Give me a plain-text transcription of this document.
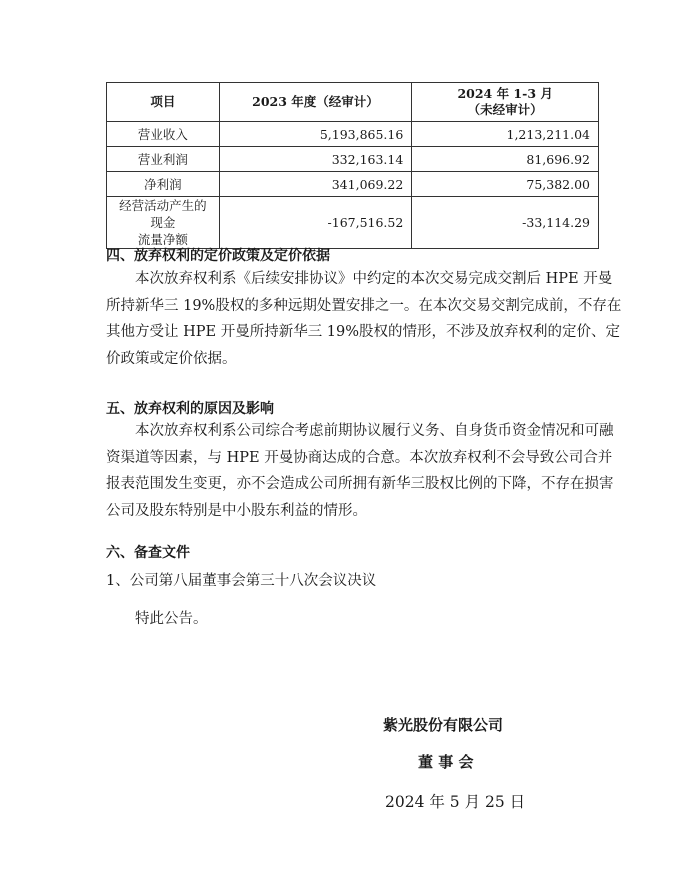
项目	2023 年度（经审计）	2024 年 1-3 月
（未经审计）
营业收入	5,193,865.16	1,213,211.04
营业利润	332,163.14	81,696.92
净利润	341,069.22	75,382.00
经营活动产生的现金
流量净额	-167,516.52	-33,114.29
四、放弃权利的定价政策及定价依据
本次放弃权利系《后续安排协议》中约定的本次交易完成交割后 HPE 开曼
所持新华三 19%股权的多种远期处置安排之一。在本次交易交割完成前，不存在
其他方受让 HPE 开曼所持新华三 19%股权的情形，不涉及放弃权利的定价、定
价政策或定价依据。
五、放弃权利的原因及影响
本次放弃权利系公司综合考虑前期协议履行义务、自身货币资金情况和可融
资渠道等因素，与 HPE 开曼协商达成的合意。本次放弃权利不会导致公司合并
报表范围发生变更，亦不会造成公司所拥有新华三股权比例的下降，不存在损害
公司及股东特别是中小股东利益的情形。
六、备查文件
1、公司第八届董事会第三十八次会议决议
特此公告。
紫光股份有限公司
董 事 会
2024 年 5 月 25 日
